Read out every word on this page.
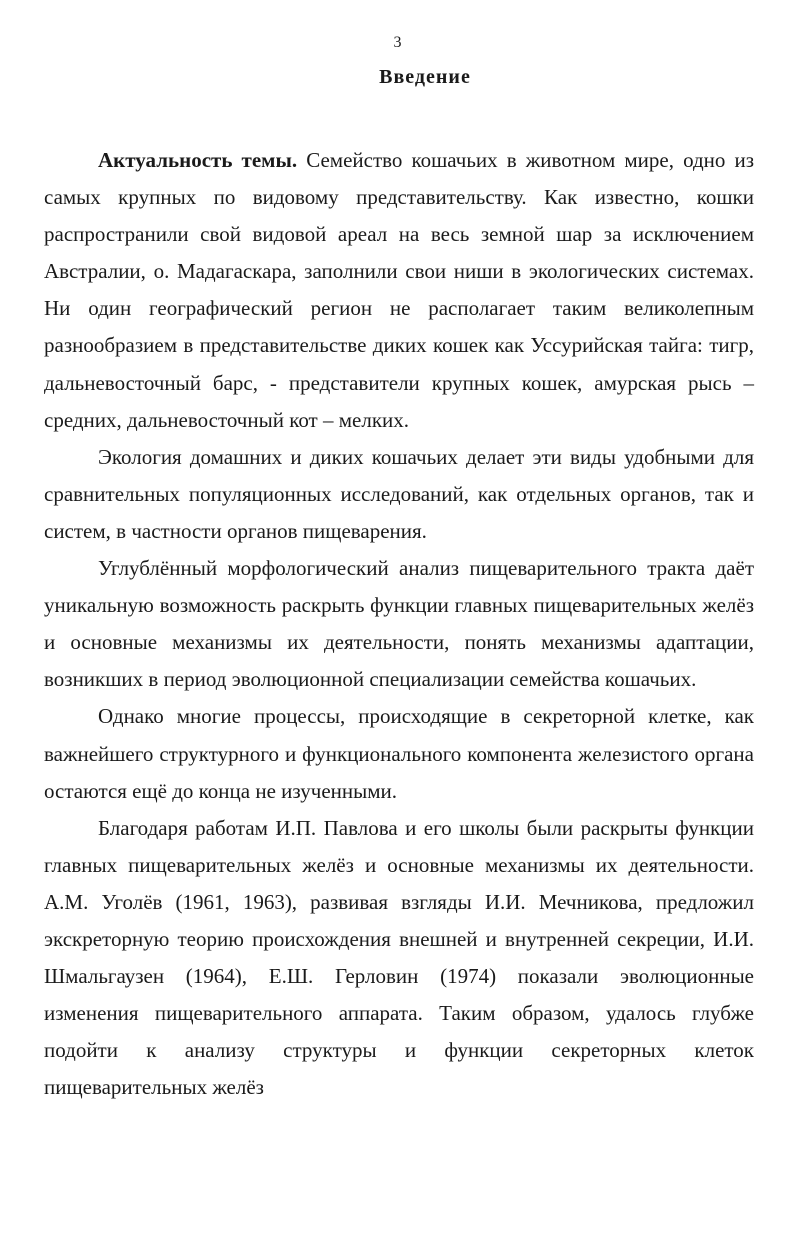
3
Введение

Актуальность темы. Семейство кошачьих в животном мире, одно из самых крупных по видовому представительству. Как известно, кошки распространили свой видовой ареал на весь земной шар за исключением Австралии, о. Мадагаскара, заполнили свои ниши в экологических системах. Ни один географический регион не располагает таким великолепным разнообразием в представительстве диких кошек как Уссурийская тайга: тигр, дальневосточный барс, - представители крупных кошек, амурская рысь – средних, дальневосточный кот – мелких.

Экология домашних и диких кошачьих делает эти виды удобными для сравнительных популяционных исследований, как отдельных органов, так и систем, в частности органов пищеварения.

Углублённый морфологический анализ пищеварительного тракта даёт уникальную возможность раскрыть функции главных пищеварительных желёз и основные механизмы их деятельности, понять механизмы адаптации, возникших в период эволюционной специализации семейства кошачьих.

Однако многие процессы, происходящие в секреторной клетке, как важнейшего структурного и функционального компонента железистого органа остаются ещё до конца не изученными.

Благодаря работам И.П. Павлова и его школы были раскрыты функции главных пищеварительных желёз и основные механизмы их деятельности. А.М. Уголёв (1961, 1963), развивая взгляды И.И. Мечникова, предложил экскреторную теорию происхождения внешней и внутренней секреции, И.И. Шмальгаузен (1964), Е.Ш. Герловин (1974) показали эволюционные изменения пищеварительного аппарата. Таким образом, удалось глубже подойти к анализу структуры и функции секреторных клеток пищеварительных желёз
